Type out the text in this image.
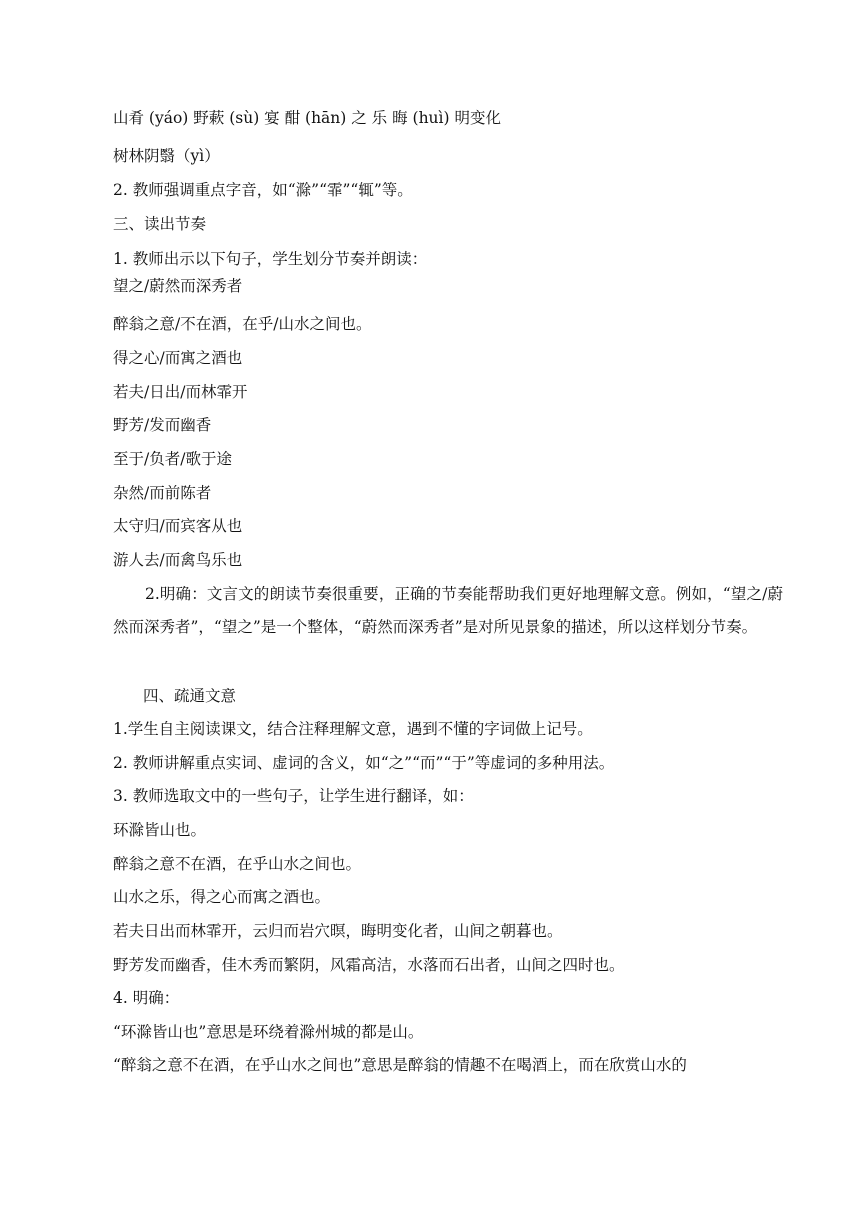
山肴 (yáo) 野蔌 (sù) 宴 酣 (hān) 之 乐 晦 (huì) 明变化
树林阴翳（yì）
2. 教师强调重点字音，如“滁”“霏”“辄”等。
三、读出节奏
1. 教师出示以下句子，学生划分节奏并朗读：
望之/蔚然而深秀者
醉翁之意/不在酒，在乎/山水之间也。
得之心/而寓之酒也
若夫/日出/而林霏开
野芳/发而幽香
至于/负者/歌于途
杂然/而前陈者
太守归/而宾客从也
游人去/而禽鸟乐也
2.明确：文言文的朗读节奏很重要，正确的节奏能帮助我们更好地理解文意。例如，“望之/蔚然而深秀者”，“望之”是一个整体，“蔚然而深秀者”是对所见景象的描述，所以这样划分节奏。
四、疏通文意
1.学生自主阅读课文，结合注释理解文意，遇到不懂的字词做上记号。
2. 教师讲解重点实词、虚词的含义，如“之”“而”“于”等虚词的多种用法。
3. 教师选取文中的一些句子，让学生进行翻译，如：
环滁皆山也。
醉翁之意不在酒，在乎山水之间也。
山水之乐，得之心而寓之酒也。
若夫日出而林霏开，云归而岩穴暝，晦明变化者，山间之朝暮也。
野芳发而幽香，佳木秀而繁阴，风霜高洁，水落而石出者，山间之四时也。
4. 明确：
“环滁皆山也”意思是环绕着滁州城的都是山。
“醉翁之意不在酒，在乎山水之间也”意思是醉翁的情趣不在喝酒上，而在欣赏山水的
